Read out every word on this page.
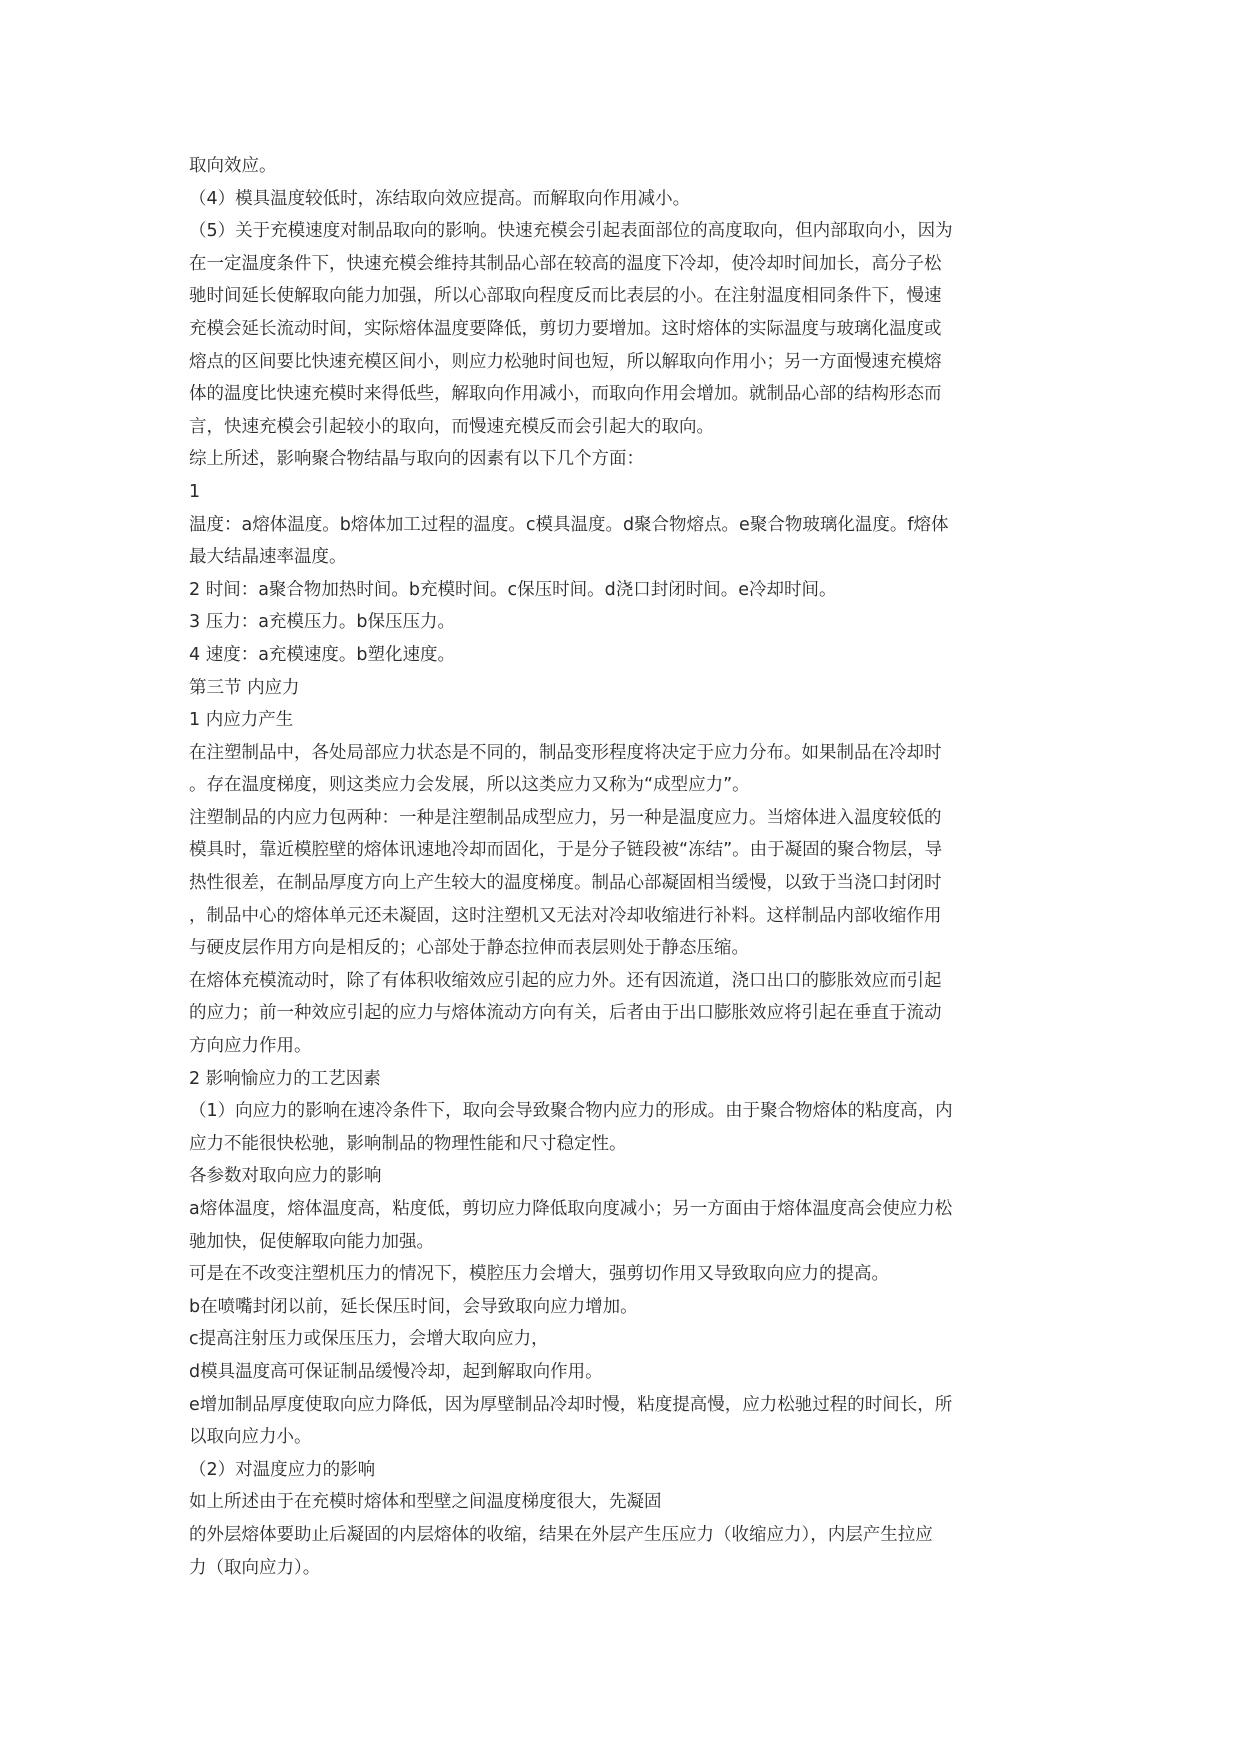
取向效应。
（4）模具温度较低时，冻结取向效应提高。而解取向作用减小。
（5）关于充模速度对制品取向的影响。快速充模会引起表面部位的高度取向，但内部取向小，因为
在一定温度条件下，快速充模会维持其制品心部在较高的温度下冷却，使冷却时间加长，高分子松
驰时间延长使解取向能力加强，所以心部取向程度反而比表层的小。在注射温度相同条件下，慢速
充模会延长流动时间，实际熔体温度要降低，剪切力要增加。这时熔体的实际温度与玻璃化温度或
熔点的区间要比快速充模区间小，则应力松驰时间也短，所以解取向作用小；另一方面慢速充模熔
体的温度比快速充模时来得低些，解取向作用减小，而取向作用会增加。就制品心部的结构形态而
言，快速充模会引起较小的取向，而慢速充模反而会引起大的取向。
综上所述，影响聚合物结晶与取向的因素有以下几个方面：
1
温度：a熔体温度。b熔体加工过程的温度。c模具温度。d聚合物熔点。e聚合物玻璃化温度。f熔体
最大结晶速率温度。
2 时间：a聚合物加热时间。b充模时间。c保压时间。d浇口封闭时间。e冷却时间。
3 压力：a充模压力。b保压压力。
4 速度：a充模速度。b塑化速度。
第三节 内应力
1 内应力产生
在注塑制品中，各处局部应力状态是不同的，制品变形程度将决定于应力分布。如果制品在冷却时
。存在温度梯度，则这类应力会发展，所以这类应力又称为“成型应力”。
注塑制品的内应力包两种：一种是注塑制品成型应力，另一种是温度应力。当熔体进入温度较低的
模具时，靠近模腔壁的熔体讯速地冷却而固化，于是分子链段被“冻结”。由于凝固的聚合物层，导
热性很差，在制品厚度方向上产生较大的温度梯度。制品心部凝固相当缓慢，以致于当浇口封闭时
，制品中心的熔体单元还未凝固，这时注塑机又无法对冷却收缩进行补料。这样制品内部收缩作用
与硬皮层作用方向是相反的；心部处于静态拉伸而表层则处于静态压缩。
在熔体充模流动时，除了有体积收缩效应引起的应力外。还有因流道，浇口出口的膨胀效应而引起
的应力；前一种效应引起的应力与熔体流动方向有关，后者由于出口膨胀效应将引起在垂直于流动
方向应力作用。
2 影响愉应力的工艺因素
（1）向应力的影响在速冷条件下，取向会导致聚合物内应力的形成。由于聚合物熔体的粘度高，内
应力不能很快松驰，影响制品的物理性能和尺寸稳定性。
各参数对取向应力的影响
a熔体温度，熔体温度高，粘度低，剪切应力降低取向度减小；另一方面由于熔体温度高会使应力松
驰加快，促使解取向能力加强。
可是在不改变注塑机压力的情况下，模腔压力会增大，强剪切作用又导致取向应力的提高。
b在喷嘴封闭以前，延长保压时间，会导致取向应力增加。
c提高注射压力或保压压力，会增大取向应力，
d模具温度高可保证制品缓慢冷却，起到解取向作用。
e增加制品厚度使取向应力降低，因为厚壁制品冷却时慢，粘度提高慢，应力松驰过程的时间长，所
以取向应力小。
（2）对温度应力的影响
如上所述由于在充模时熔体和型壁之间温度梯度很大，先凝固
的外层熔体要助止后凝固的内层熔体的收缩，结果在外层产生压应力（收缩应力），内层产生拉应
力（取向应力）。
